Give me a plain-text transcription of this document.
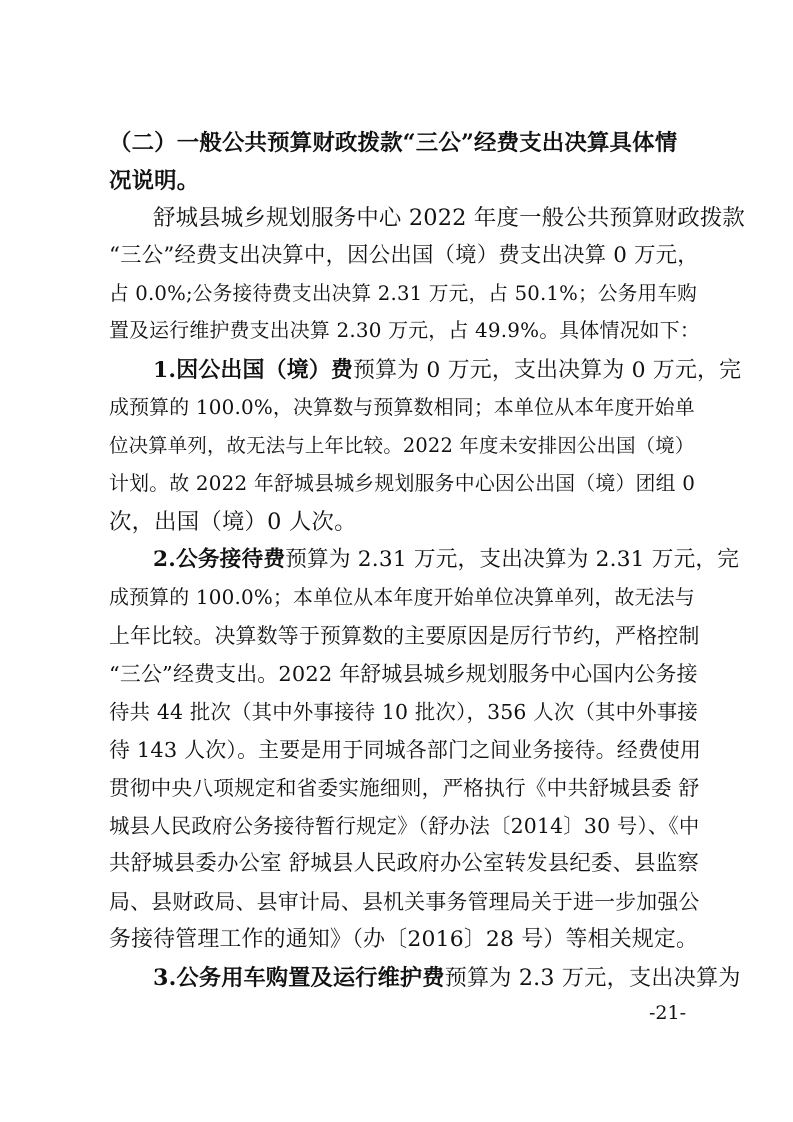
（二）一般公共预算财政拨款“三公”经费支出决算具体情
况说明。
舒城县城乡规划服务中心 2022 年度一般公共预算财政拨款
“三公”经费支出决算中，因公出国（境）费支出决算 0 万元，
占 0.0%;公务接待费支出决算 2.31 万元，占 50.1%；公务用车购
置及运行维护费支出决算 2.30 万元，占 49.9%。具体情况如下：
1.因公出国（境）费预算为 0 万元，支出决算为 0 万元，完
成预算的 100.0%，决算数与预算数相同；本单位从本年度开始单
位决算单列，故无法与上年比较。2022 年度未安排因公出国（境）
计划。故 2022 年舒城县城乡规划服务中心因公出国（境）团组 0
次，出国（境）0 人次。
2.公务接待费预算为 2.31 万元，支出决算为 2.31 万元，完
成预算的 100.0%；本单位从本年度开始单位决算单列，故无法与
上年比较。决算数等于预算数的主要原因是厉行节约，严格控制
“三公”经费支出。2022 年舒城县城乡规划服务中心国内公务接
待共 44 批次（其中外事接待 10 批次），356 人次（其中外事接
待 143 人次）。主要是用于同城各部门之间业务接待。经费使用
贯彻中央八项规定和省委实施细则，严格执行《中共舒城县委 舒
城县人民政府公务接待暂行规定》（舒办法〔2014〕30 号）、《中
共舒城县委办公室 舒城县人民政府办公室转发县纪委、县监察
局、县财政局、县审计局、县机关事务管理局关于进一步加强公
务接待管理工作的通知》（办〔2016〕28 号）等相关规定。
3.公务用车购置及运行维护费预算为 2.3 万元，支出决算为
-21-
